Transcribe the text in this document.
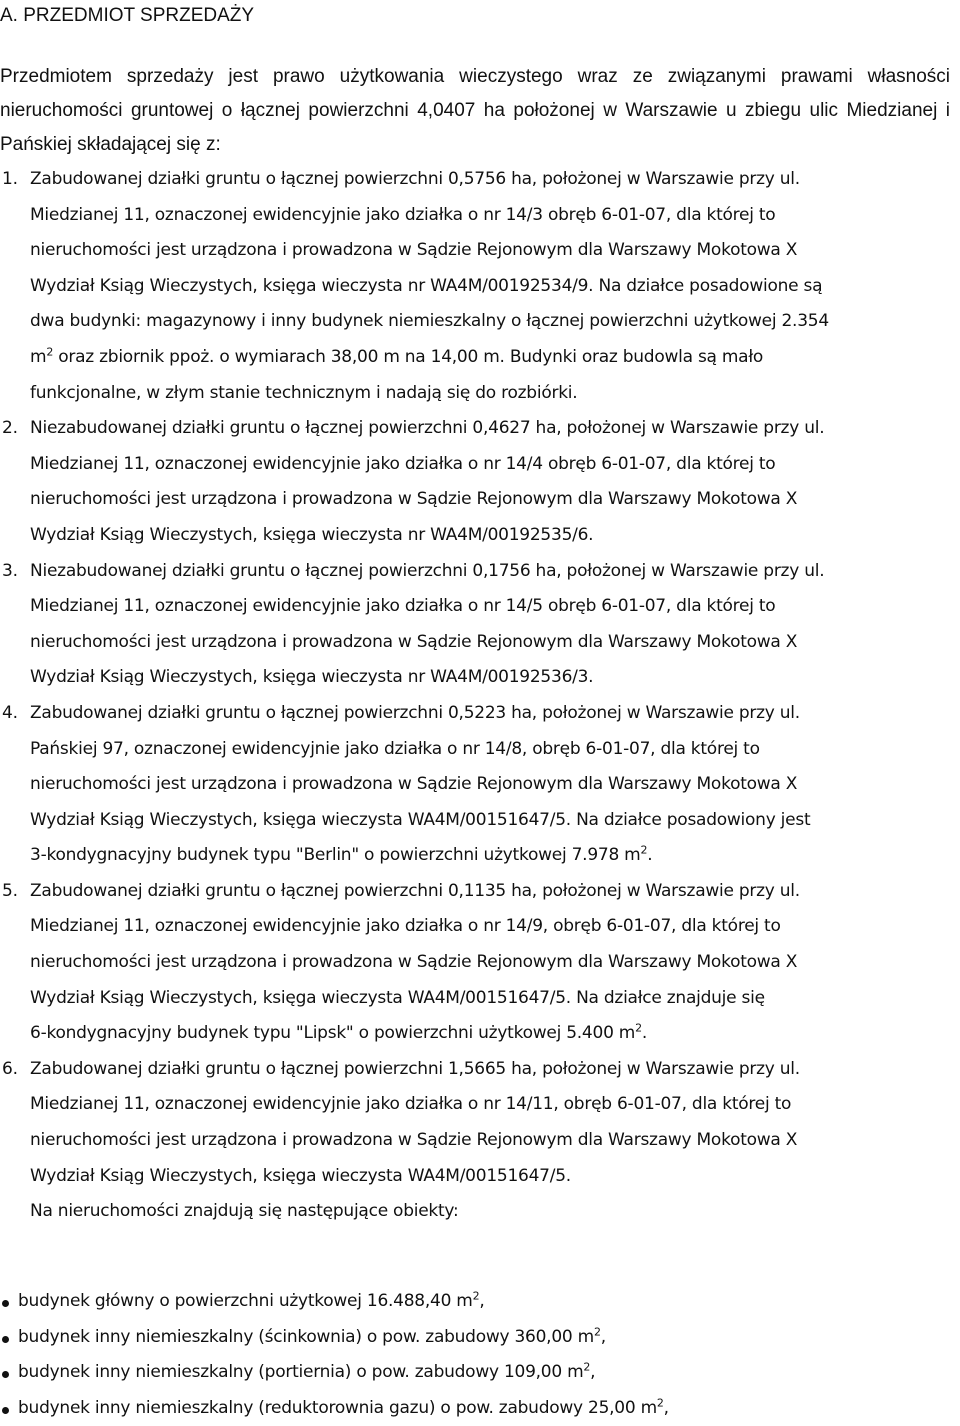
A. PRZEDMIOT SPRZEDAŻY
Przedmiotem sprzedaży jest prawo użytkowania wieczystego wraz ze związanymi prawami własności nieruchomości gruntowej o łącznej powierzchni 4,0407 ha położonej w Warszawie u zbiegu ulic Miedzianej i Pańskiej składającej się z:
1. Zabudowanej działki gruntu o łącznej powierzchni 0,5756 ha, położonej w Warszawie przy ul.
Miedzianej 11, oznaczonej ewidencyjnie jako działka o nr 14/3 obręb 6-01-07, dla której to
nieruchomości jest urządzona i prowadzona w Sądzie Rejonowym dla Warszawy Mokotowa X
Wydział Ksiąg Wieczystych, księga wieczysta nr WA4M/00192534/9. Na działce posadowione są
dwa budynki: magazynowy i inny budynek niemieszkalny o łącznej powierzchni użytkowej 2.354
$m^2$ oraz zbiornik ppoż. o wymiarach 38,00 m na 14,00 m. Budynki oraz budowla są mało
funkcjonalne, w złym stanie technicznym i nadają się do rozbiórki.
2. Niezabudowanej działki gruntu o łącznej powierzchni 0,4627 ha, położonej w Warszawie przy ul.
Miedzianej 11, oznaczonej ewidencyjnie jako działka o nr 14/4 obręb 6-01-07, dla której to
nieruchomości jest urządzona i prowadzona w Sądzie Rejonowym dla Warszawy Mokotowa X
Wydział Ksiąg Wieczystych, księga wieczysta nr WA4M/00192535/6.
3. Niezabudowanej działki gruntu o łącznej powierzchni 0,1756 ha, położonej w Warszawie przy ul.
Miedzianej 11, oznaczonej ewidencyjnie jako działka o nr 14/5 obręb 6-01-07, dla której to
nieruchomości jest urządzona i prowadzona w Sądzie Rejonowym dla Warszawy Mokotowa X
Wydział Ksiąg Wieczystych, księga wieczysta nr WA4M/00192536/3.
4. Zabudowanej działki gruntu o łącznej powierzchni 0,5223 ha, położonej w Warszawie przy ul.
Pańskiej 97, oznaczonej ewidencyjnie jako działka o nr 14/8, obręb 6-01-07, dla której to
nieruchomości jest urządzona i prowadzona w Sądzie Rejonowym dla Warszawy Mokotowa X
Wydział Ksiąg Wieczystych, księga wieczysta WA4M/00151647/5. Na działce posadowiony jest
3-kondygnacyjny budynek typu "Berlin" o powierzchni użytkowej 7.978 $m^2$.
5. Zabudowanej działki gruntu o łącznej powierzchni 0,1135 ha, położonej w Warszawie przy ul.
Miedzianej 11, oznaczonej ewidencyjnie jako działka o nr 14/9, obręb 6-01-07, dla której to
nieruchomości jest urządzona i prowadzona w Sądzie Rejonowym dla Warszawy Mokotowa X
Wydział Ksiąg Wieczystych, księga wieczysta WA4M/00151647/5. Na działce znajduje się
6-kondygnacyjny budynek typu "Lipsk" o powierzchni użytkowej 5.400 $m^2$.
6. Zabudowanej działki gruntu o łącznej powierzchni 1,5665 ha, położonej w Warszawie przy ul.
Miedzianej 11, oznaczonej ewidencyjnie jako działka o nr 14/11, obręb 6-01-07, dla której to
nieruchomości jest urządzona i prowadzona w Sądzie Rejonowym dla Warszawy Mokotowa X
Wydział Ksiąg Wieczystych, księga wieczysta WA4M/00151647/5.
Na nieruchomości znajdują się następujące obiekty:
budynek główny o powierzchni użytkowej 16.488,40 $m^2$,
budynek inny niemieszkalny (ścinkownia) o pow. zabudowy 360,00 $m^2$,
budynek inny niemieszkalny (portiernia) o pow. zabudowy 109,00 $m^2$,
budynek inny niemieszkalny (reduktorownia gazu) o pow. zabudowy 25,00 $m^2$,
